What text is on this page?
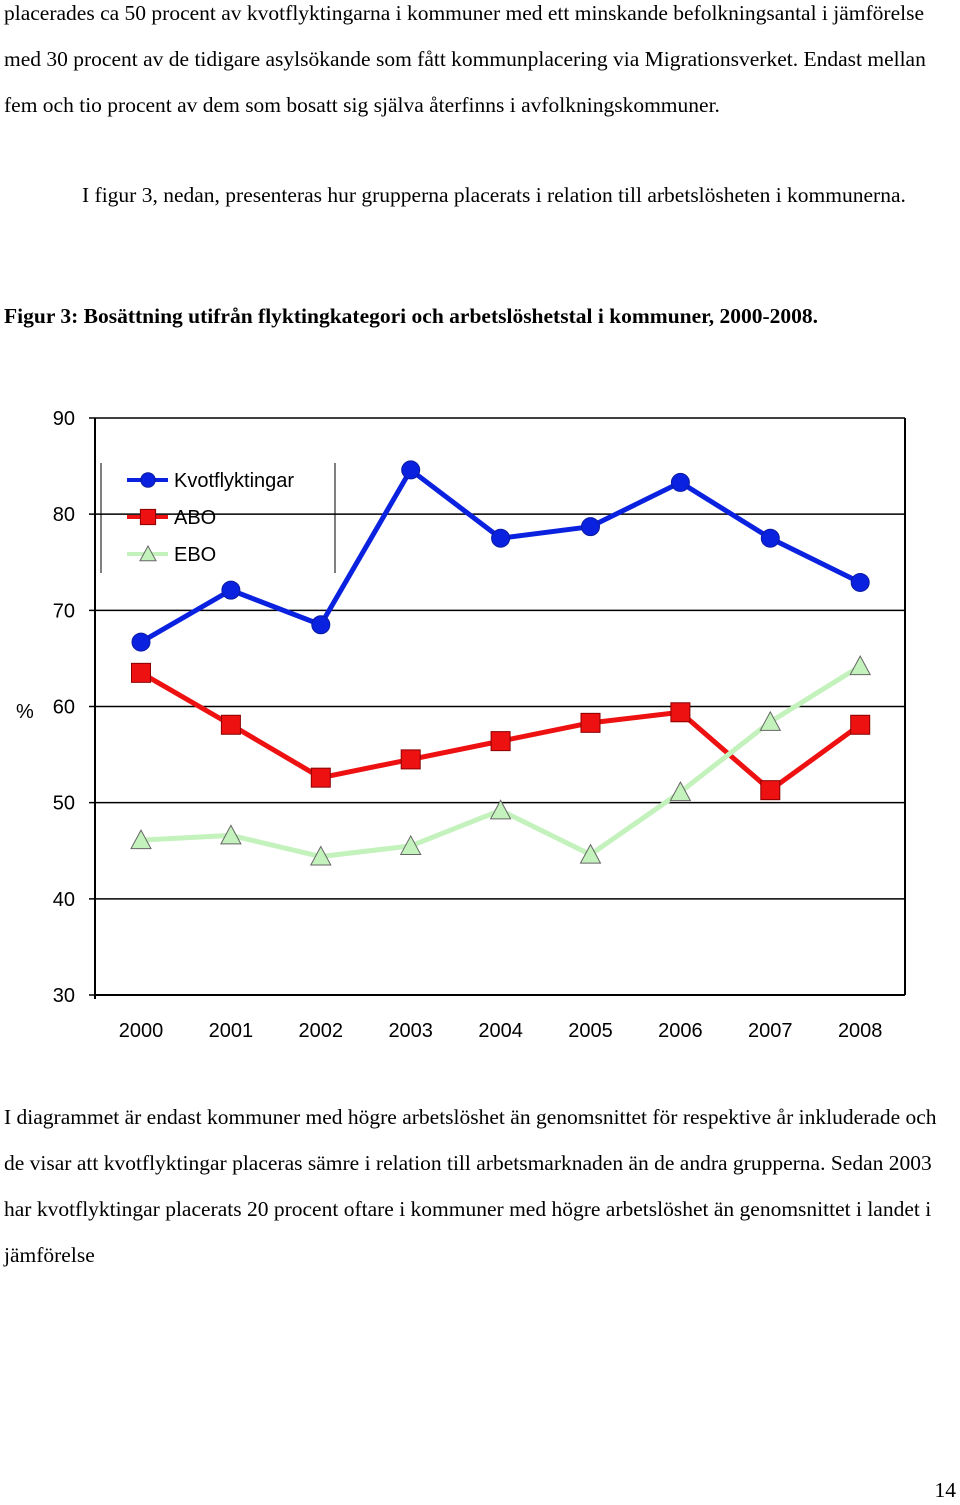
placerades ca 50 procent av kvotflyktingarna i kommuner med ett minskande befolkningsantal i jämförelse med 30 procent av de tidigare asylsökande som fått kommunplacering via Migrationsverket. Endast mellan fem och tio procent av dem som bosatt sig själva återfinns i avfolkningskommuner.
I figur 3, nedan, presenteras hur grupperna placerats i relation till arbetslösheten i kommunerna.
Figur 3: Bosättning utifrån flyktingkategori och arbetslöshetstal i kommuner, 2000-2008.
30
40
50
60
70
80
90
%
2000 2001 2002 2003 2004 2005 2006 2007 2008
Kvotflyktingar
ABO
EBO
I diagrammet är endast kommuner med högre arbetslöshet än genomsnittet för respektive år inkluderade och de visar att kvotflyktingar placeras sämre i relation till arbetsmarknaden än de andra grupperna. Sedan 2003 har kvotflyktingar placerats 20 procent oftare i kommuner med högre arbetslöshet än genomsnittet i landet i jämförelse
14
